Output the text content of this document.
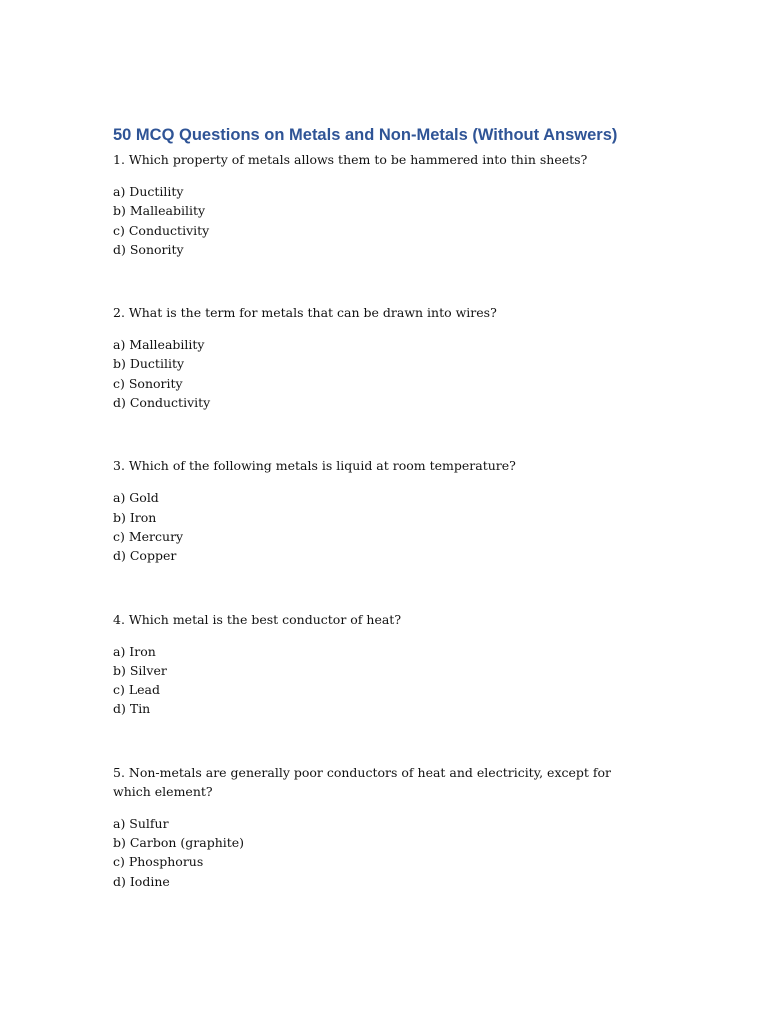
50 MCQ Questions on Metals and Non-Metals (Without Answers)

1. Which property of metals allows them to be hammered into thin sheets?

a) Ductility
b) Malleability
c) Conductivity
d) Sonority

2. What is the term for metals that can be drawn into wires?

a) Malleability
b) Ductility
c) Sonority
d) Conductivity

3. Which of the following metals is liquid at room temperature?

a) Gold
b) Iron
c) Mercury
d) Copper

4. Which metal is the best conductor of heat?

a) Iron
b) Silver
c) Lead
d) Tin

5. Non-metals are generally poor conductors of heat and electricity, except for which element?

a) Sulfur
b) Carbon (graphite)
c) Phosphorus
d) Iodine
